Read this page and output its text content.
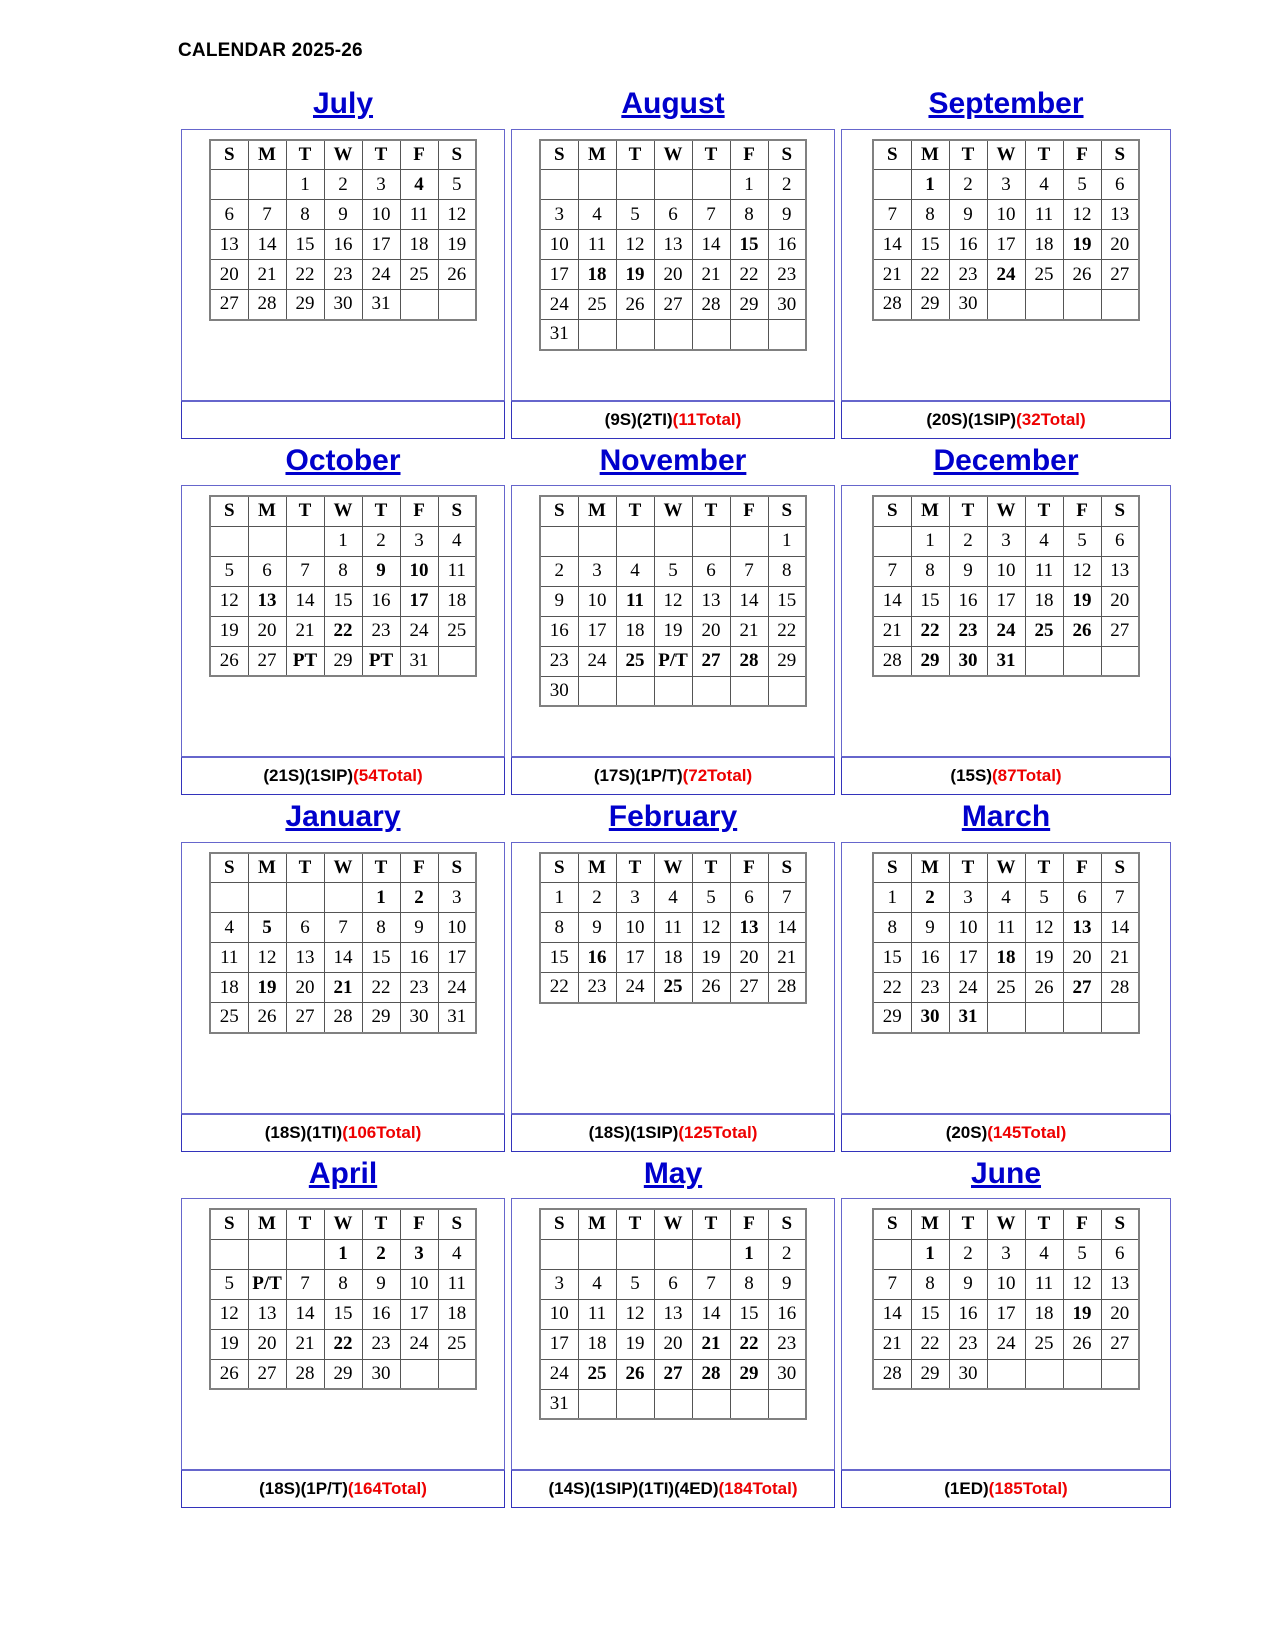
CALENDAR 2025-26
July
S	M	T	W	T	F	S
		1	2	3	4	5
6	7	8	9	10	11	12
13	14	15	16	17	18	19
20	21	22	23	24	25	26
27	28	29	30	31		
August
S	M	T	W	T	F	S
					1	2
3	4	5	6	7	8	9
10	11	12	13	14	15	16
17	18	19	20	21	22	23
24	25	26	27	28	29	30
31						
(9S)(2TI) (11Total)
September
S	M	T	W	T	F	S
	1	2	3	4	5	6
7	8	9	10	11	12	13
14	15	16	17	18	19	20
21	22	23	24	25	26	27
28	29	30				
(20S)(1SIP) (32Total)
October
S	M	T	W	T	F	S
			1	2	3	4
5	6	7	8	9	10	11
12	13	14	15	16	17	18
19	20	21	22	23	24	25
26	27	PT	29	PT	31	
(21S)(1SIP) (54Total)
November
S	M	T	W	T	F	S
						1
2	3	4	5	6	7	8
9	10	11	12	13	14	15
16	17	18	19	20	21	22
23	24	25	P/T	27	28	29
30						
(17S)(1P/T) (72Total)
December
S	M	T	W	T	F	S
	1	2	3	4	5	6
7	8	9	10	11	12	13
14	15	16	17	18	19	20
21	22	23	24	25	26	27
28	29	30	31			
(15S) (87Total)
January
S	M	T	W	T	F	S
				1	2	3
4	5	6	7	8	9	10
11	12	13	14	15	16	17
18	19	20	21	22	23	24
25	26	27	28	29	30	31
(18S)(1TI) (106Total)
February
S	M	T	W	T	F	S
1	2	3	4	5	6	7
8	9	10	11	12	13	14
15	16	17	18	19	20	21
22	23	24	25	26	27	28
(18S)(1SIP) (125Total)
March
S	M	T	W	T	F	S
1	2	3	4	5	6	7
8	9	10	11	12	13	14
15	16	17	18	19	20	21
22	23	24	25	26	27	28
29	30	31				
(20S) (145Total)
April
S	M	T	W	T	F	S
			1	2	3	4
5	P/T	7	8	9	10	11
12	13	14	15	16	17	18
19	20	21	22	23	24	25
26	27	28	29	30		
(18S)(1P/T) (164Total)
May
S	M	T	W	T	F	S
					1	2
3	4	5	6	7	8	9
10	11	12	13	14	15	16
17	18	19	20	21	22	23
24	25	26	27	28	29	30
31						
(14S)(1SIP)(1TI)(4ED) (184Total)
June
S	M	T	W	T	F	S
	1	2	3	4	5	6
7	8	9	10	11	12	13
14	15	16	17	18	19	20
21	22	23	24	25	26	27
28	29	30				
(1ED) (185Total)
